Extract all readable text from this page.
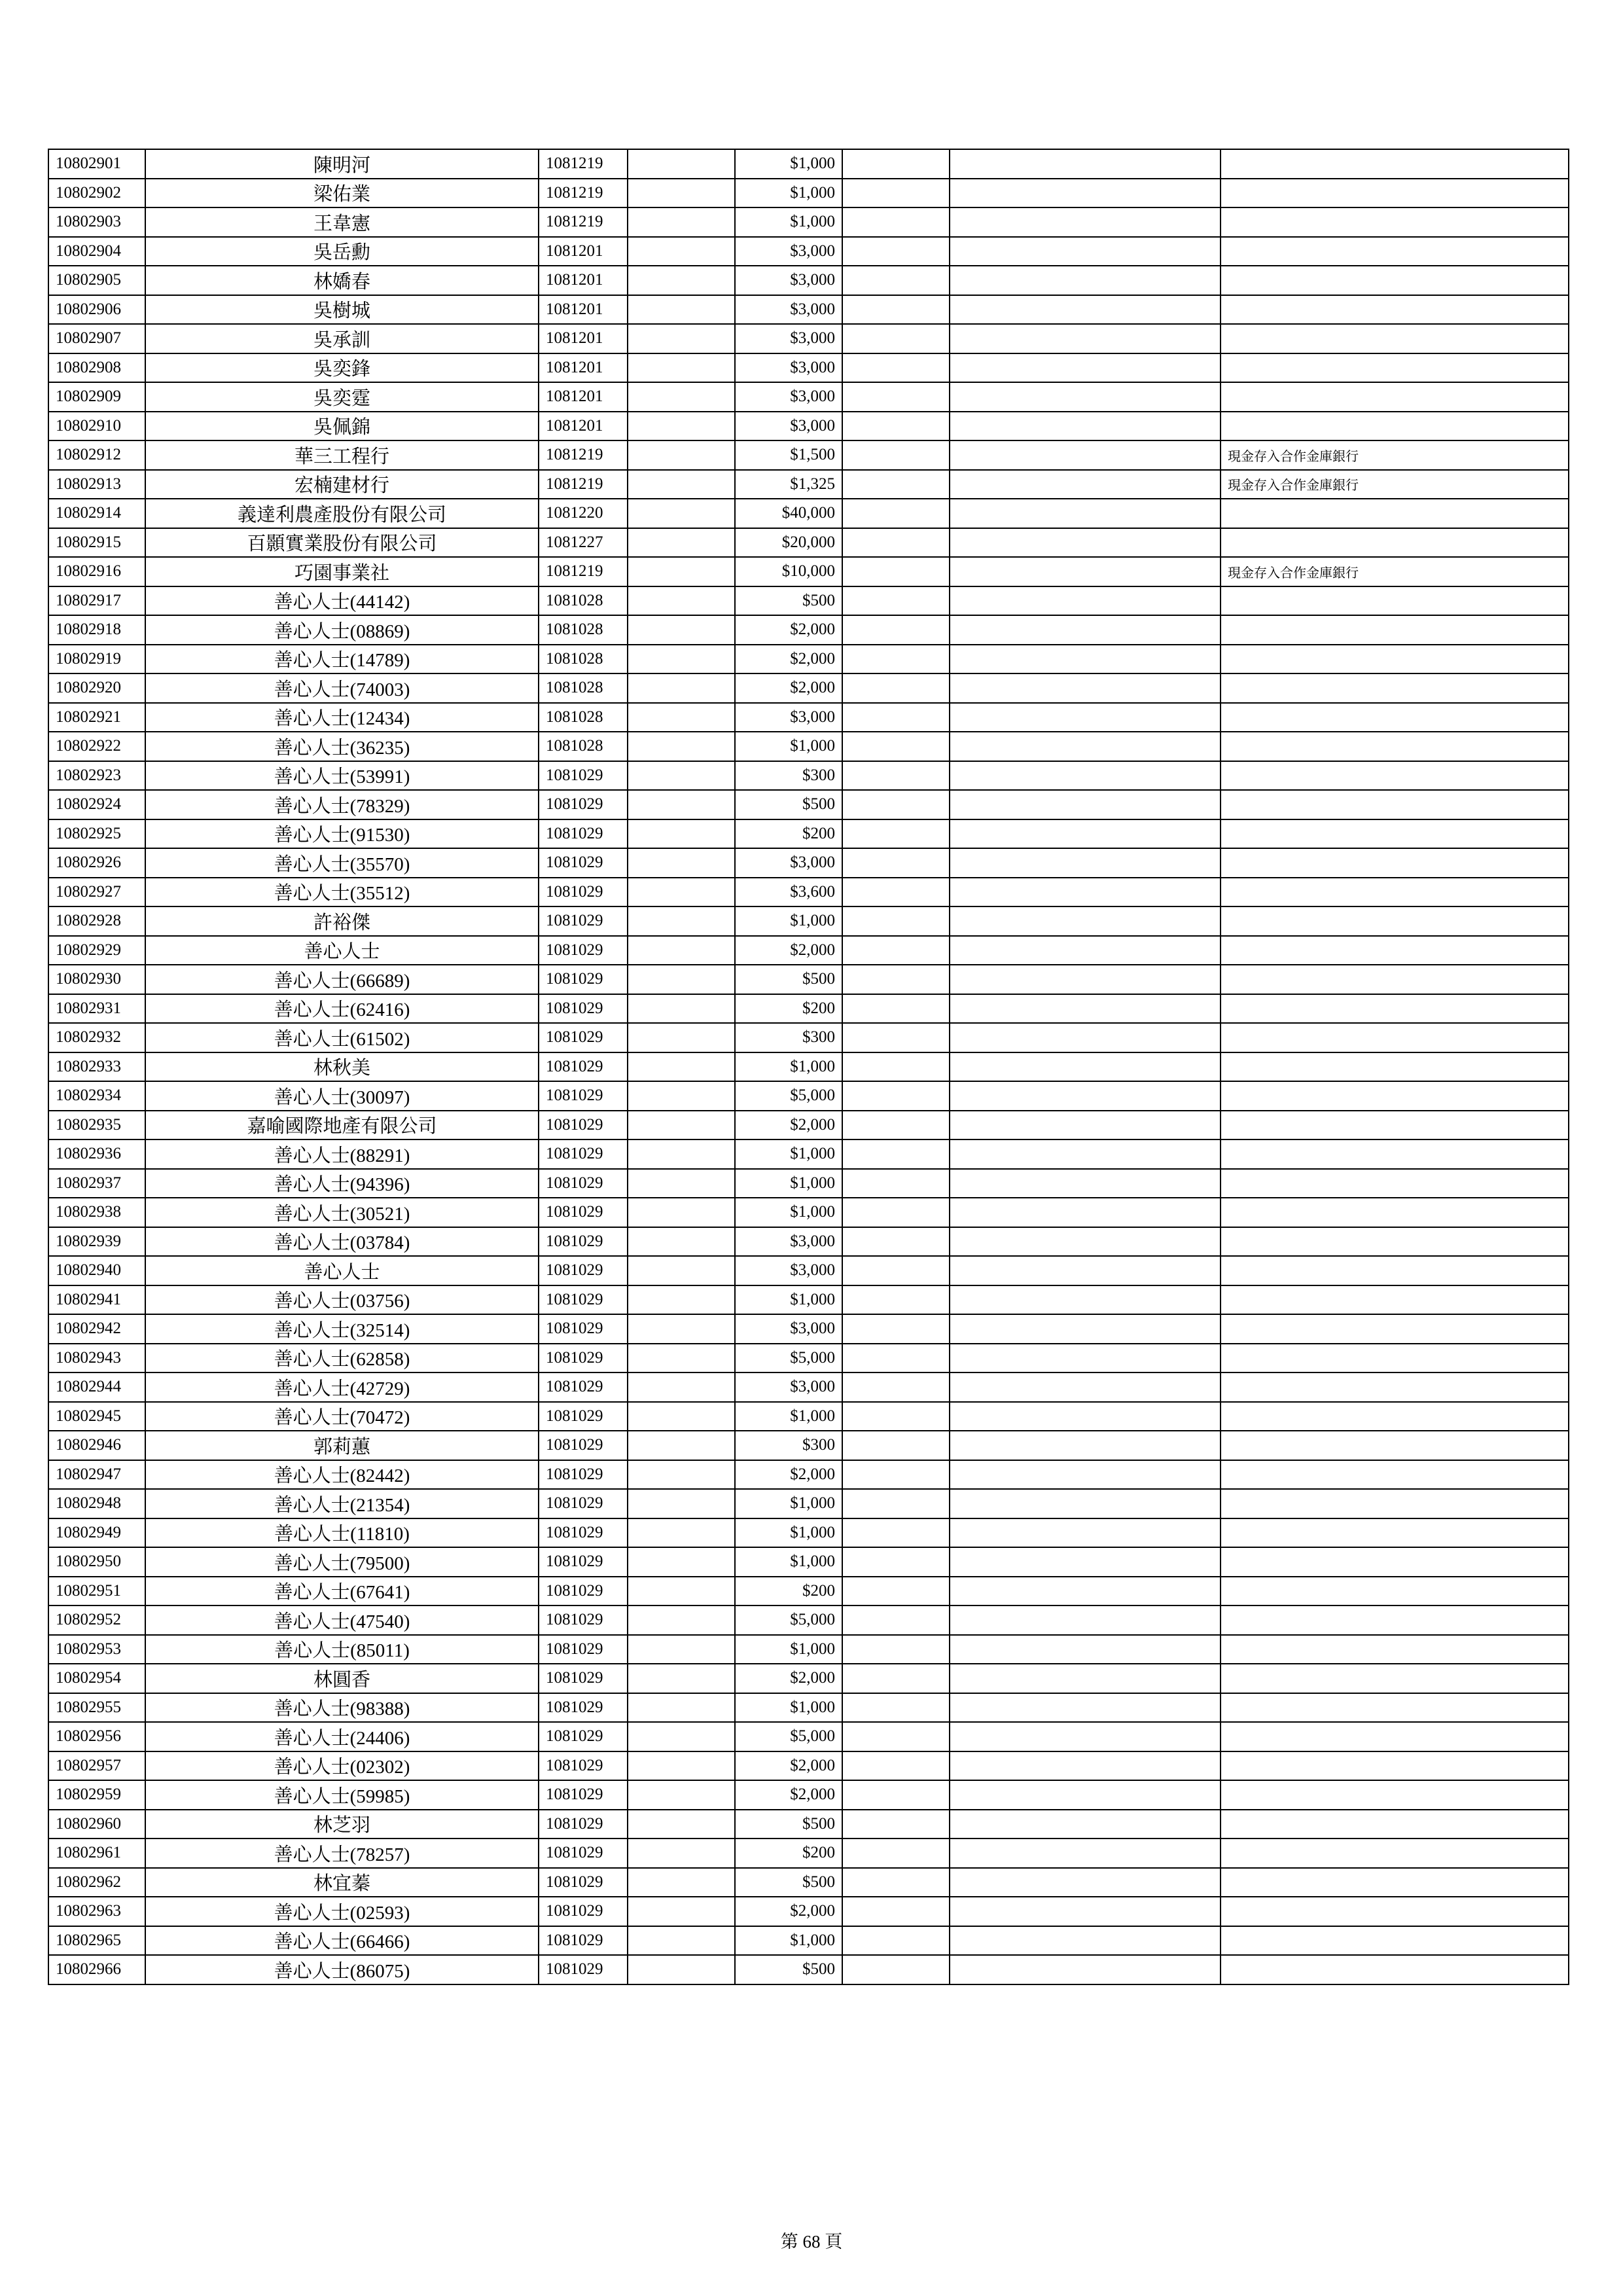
10802901	陳明河	1081219		$1,000			
10802902	梁佑業	1081219		$1,000			
10802903	王韋憲	1081219		$1,000			
10802904	吳岳勳	1081201		$3,000			
10802905	林嬌春	1081201		$3,000			
10802906	吳樹城	1081201		$3,000			
10802907	吳承訓	1081201		$3,000			
10802908	吳奕鋒	1081201		$3,000			
10802909	吳奕霆	1081201		$3,000			
10802910	吳佩錦	1081201		$3,000			
10802912	華三工程行	1081219		$1,500			現金存入合作金庫銀行
10802913	宏楠建材行	1081219		$1,325			現金存入合作金庫銀行
10802914	義達利農產股份有限公司	1081220		$40,000			
10802915	百顥實業股份有限公司	1081227		$20,000			
10802916	巧園事業社	1081219		$10,000			現金存入合作金庫銀行
10802917	善心人士(44142)	1081028		$500			
10802918	善心人士(08869)	1081028		$2,000			
10802919	善心人士(14789)	1081028		$2,000			
10802920	善心人士(74003)	1081028		$2,000			
10802921	善心人士(12434)	1081028		$3,000			
10802922	善心人士(36235)	1081028		$1,000			
10802923	善心人士(53991)	1081029		$300			
10802924	善心人士(78329)	1081029		$500			
10802925	善心人士(91530)	1081029		$200			
10802926	善心人士(35570)	1081029		$3,000			
10802927	善心人士(35512)	1081029		$3,600			
10802928	許裕傑	1081029		$1,000			
10802929	善心人士	1081029		$2,000			
10802930	善心人士(66689)	1081029		$500			
10802931	善心人士(62416)	1081029		$200			
10802932	善心人士(61502)	1081029		$300			
10802933	林秋美	1081029		$1,000			
10802934	善心人士(30097)	1081029		$5,000			
10802935	嘉喻國際地產有限公司	1081029		$2,000			
10802936	善心人士(88291)	1081029		$1,000			
10802937	善心人士(94396)	1081029		$1,000			
10802938	善心人士(30521)	1081029		$1,000			
10802939	善心人士(03784)	1081029		$3,000			
10802940	善心人士	1081029		$3,000			
10802941	善心人士(03756)	1081029		$1,000			
10802942	善心人士(32514)	1081029		$3,000			
10802943	善心人士(62858)	1081029		$5,000			
10802944	善心人士(42729)	1081029		$3,000			
10802945	善心人士(70472)	1081029		$1,000			
10802946	郭莉蕙	1081029		$300			
10802947	善心人士(82442)	1081029		$2,000			
10802948	善心人士(21354)	1081029		$1,000			
10802949	善心人士(11810)	1081029		$1,000			
10802950	善心人士(79500)	1081029		$1,000			
10802951	善心人士(67641)	1081029		$200			
10802952	善心人士(47540)	1081029		$5,000			
10802953	善心人士(85011)	1081029		$1,000			
10802954	林圓香	1081029		$2,000			
10802955	善心人士(98388)	1081029		$1,000			
10802956	善心人士(24406)	1081029		$5,000			
10802957	善心人士(02302)	1081029		$2,000			
10802959	善心人士(59985)	1081029		$2,000			
10802960	林芝羽	1081029		$500			
10802961	善心人士(78257)	1081029		$200			
10802962	林宜蓁	1081029		$500			
10802963	善心人士(02593)	1081029		$2,000			
10802965	善心人士(66466)	1081029		$1,000			
10802966	善心人士(86075)	1081029		$500			
第 68 頁
